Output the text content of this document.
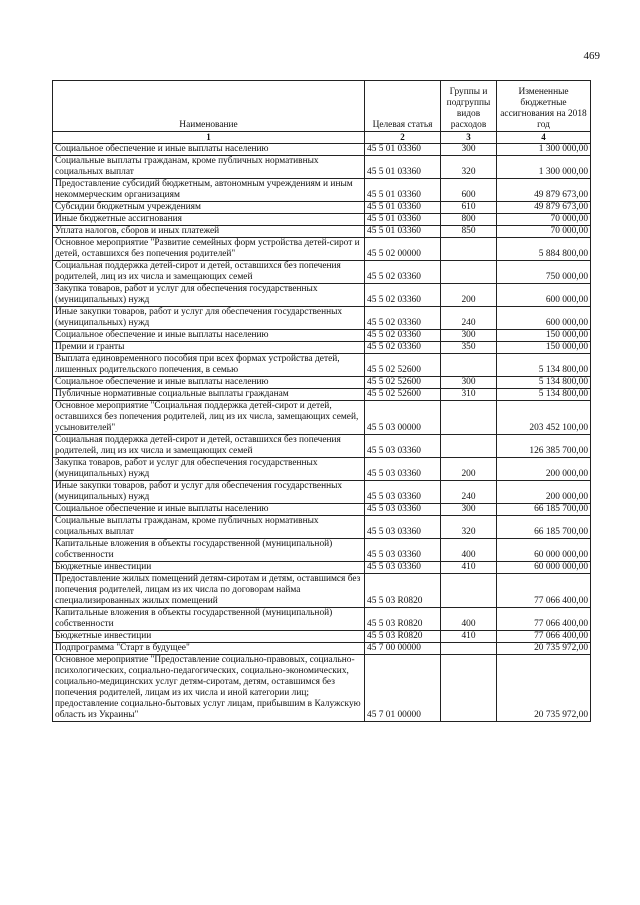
469
Наименование	Целевая статья	Группы и подгруппы видов расходов	Измененные бюджетные ассигнования на 2018 год
1	2	3	4
Социальное обеспечение и иные выплаты населению	45 5 01 03360	300	1 300 000,00
Социальные выплаты гражданам, кроме публичных нормативных социальных выплат	45 5 01 03360	320	1 300 000,00
Предоставление субсидий бюджетным, автономным учреждениям и иным некоммерческим организациям	45 5 01 03360	600	49 879 673,00
Субсидии бюджетным учреждениям	45 5 01 03360	610	49 879 673,00
Иные бюджетные ассигнования	45 5 01 03360	800	70 000,00
Уплата налогов, сборов и иных платежей	45 5 01 03360	850	70 000,00
Основное мероприятие "Развитие семейных форм устройства детей-сирот и детей, оставшихся без попечения родителей"	45 5 02 00000		5 884 800,00
Социальная поддержка детей-сирот и детей, оставшихся без попечения родителей, лиц из их числа и замещающих семей	45 5 02 03360		750 000,00
Закупка товаров, работ и услуг для обеспечения государственных (муниципальных) нужд	45 5 02 03360	200	600 000,00
Иные закупки товаров, работ и услуг для обеспечения государственных (муниципальных) нужд	45 5 02 03360	240	600 000,00
Социальное обеспечение и иные выплаты населению	45 5 02 03360	300	150 000,00
Премии и гранты	45 5 02 03360	350	150 000,00
Выплата единовременного пособия при всех формах устройства детей, лишенных родительского попечения, в семью	45 5 02 52600		5 134 800,00
Социальное обеспечение и иные выплаты населению	45 5 02 52600	300	5 134 800,00
Публичные нормативные социальные выплаты гражданам	45 5 02 52600	310	5 134 800,00
Основное мероприятие "Социальная поддержка детей-сирот и детей, оставшихся без попечения родителей, лиц из их числа, замещающих семей, усыновителей"	45 5 03 00000		203 452 100,00
Социальная поддержка детей-сирот и детей, оставшихся без попечения родителей, лиц из их числа и замещающих семей	45 5 03 03360		126 385 700,00
Закупка товаров, работ и услуг для обеспечения государственных (муниципальных) нужд	45 5 03 03360	200	200 000,00
Иные закупки товаров, работ и услуг для обеспечения государственных (муниципальных) нужд	45 5 03 03360	240	200 000,00
Социальное обеспечение и иные выплаты населению	45 5 03 03360	300	66 185 700,00
Социальные выплаты гражданам, кроме публичных нормативных социальных выплат	45 5 03 03360	320	66 185 700,00
Капитальные вложения в объекты государственной (муниципальной) собственности	45 5 03 03360	400	60 000 000,00
Бюджетные инвестиции	45 5 03 03360	410	60 000 000,00
Предоставление жилых помещений детям-сиротам и детям, оставшимся без попечения родителей, лицам из их числа по договорам найма специализированных жилых помещений	45 5 03 R0820		77 066 400,00
Капитальные вложения в объекты государственной (муниципальной) собственности	45 5 03 R0820	400	77 066 400,00
Бюджетные инвестиции	45 5 03 R0820	410	77 066 400,00
Подпрограмма "Старт в будущее"	45 7 00 00000		20 735 972,00
Основное мероприятие "Предоставление социально-правовых, социально-психологических, социально-педагогических, социально-экономических, социально-медицинских услуг детям-сиротам, детям, оставшимся без попечения родителей, лицам из их числа и иной категории лиц; предоставление социально-бытовых услуг лицам, прибывшим в Калужскую область из Украины"	45 7 01 00000		20 735 972,00
